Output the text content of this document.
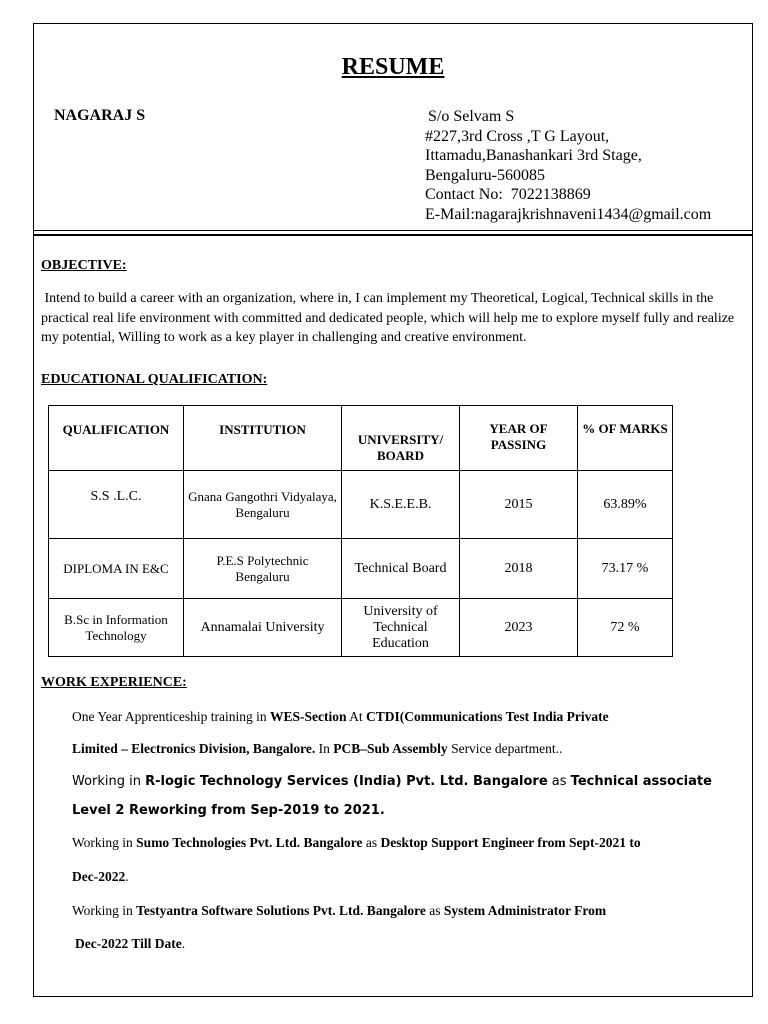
RESUME
NAGARAJ S	S/o Selvam S
#227,3rd Cross ,T G Layout,
Ittamadu,Banashankari 3rd Stage,
Bengaluru-560085
Contact No: 7022138869
E-Mail:nagarajkrishnaveni1434@gmail.com
OBJECTIVE:
Intend to build a career with an organization, where in, I can implement my Theoretical, Logical, Technical skills in the practical real life environment with committed and dedicated people, which will help me to explore myself fully and realize my potential, Willing to work as a key player in challenging and creative environment.
EDUCATIONAL QUALIFICATION:
QUALIFICATION	INSTITUTION	UNIVERSITY/ BOARD	YEAR OF PASSING	% OF MARKS
S.S .L.C.	Gnana Gangothri Vidyalaya, Bengaluru	K.S.E.E.B.	2015	63.89%
DIPLOMA IN E&C	P.E.S Polytechnic Bengaluru	Technical Board	2018	73.17 %
B.Sc in Information Technology	Annamalai University	University of Technical Education	2023	72 %
WORK EXPERIENCE:
One Year Apprenticeship training in WES-Section At CTDI(Communications Test India Private
Limited – Electronics Division, Bangalore. In PCB–Sub Assembly Service department..
Working in R-logic Technology Services (India) Pvt. Ltd. Bangalore as Technical associate
Level 2 Reworking from Sep-2019 to 2021.
Working in Sumo Technologies Pvt. Ltd. Bangalore as Desktop Support Engineer from Sept-2021 to
Dec-2022.
Working in Testyantra Software Solutions Pvt. Ltd. Bangalore as System Administrator From
Dec-2022 Till Date.
